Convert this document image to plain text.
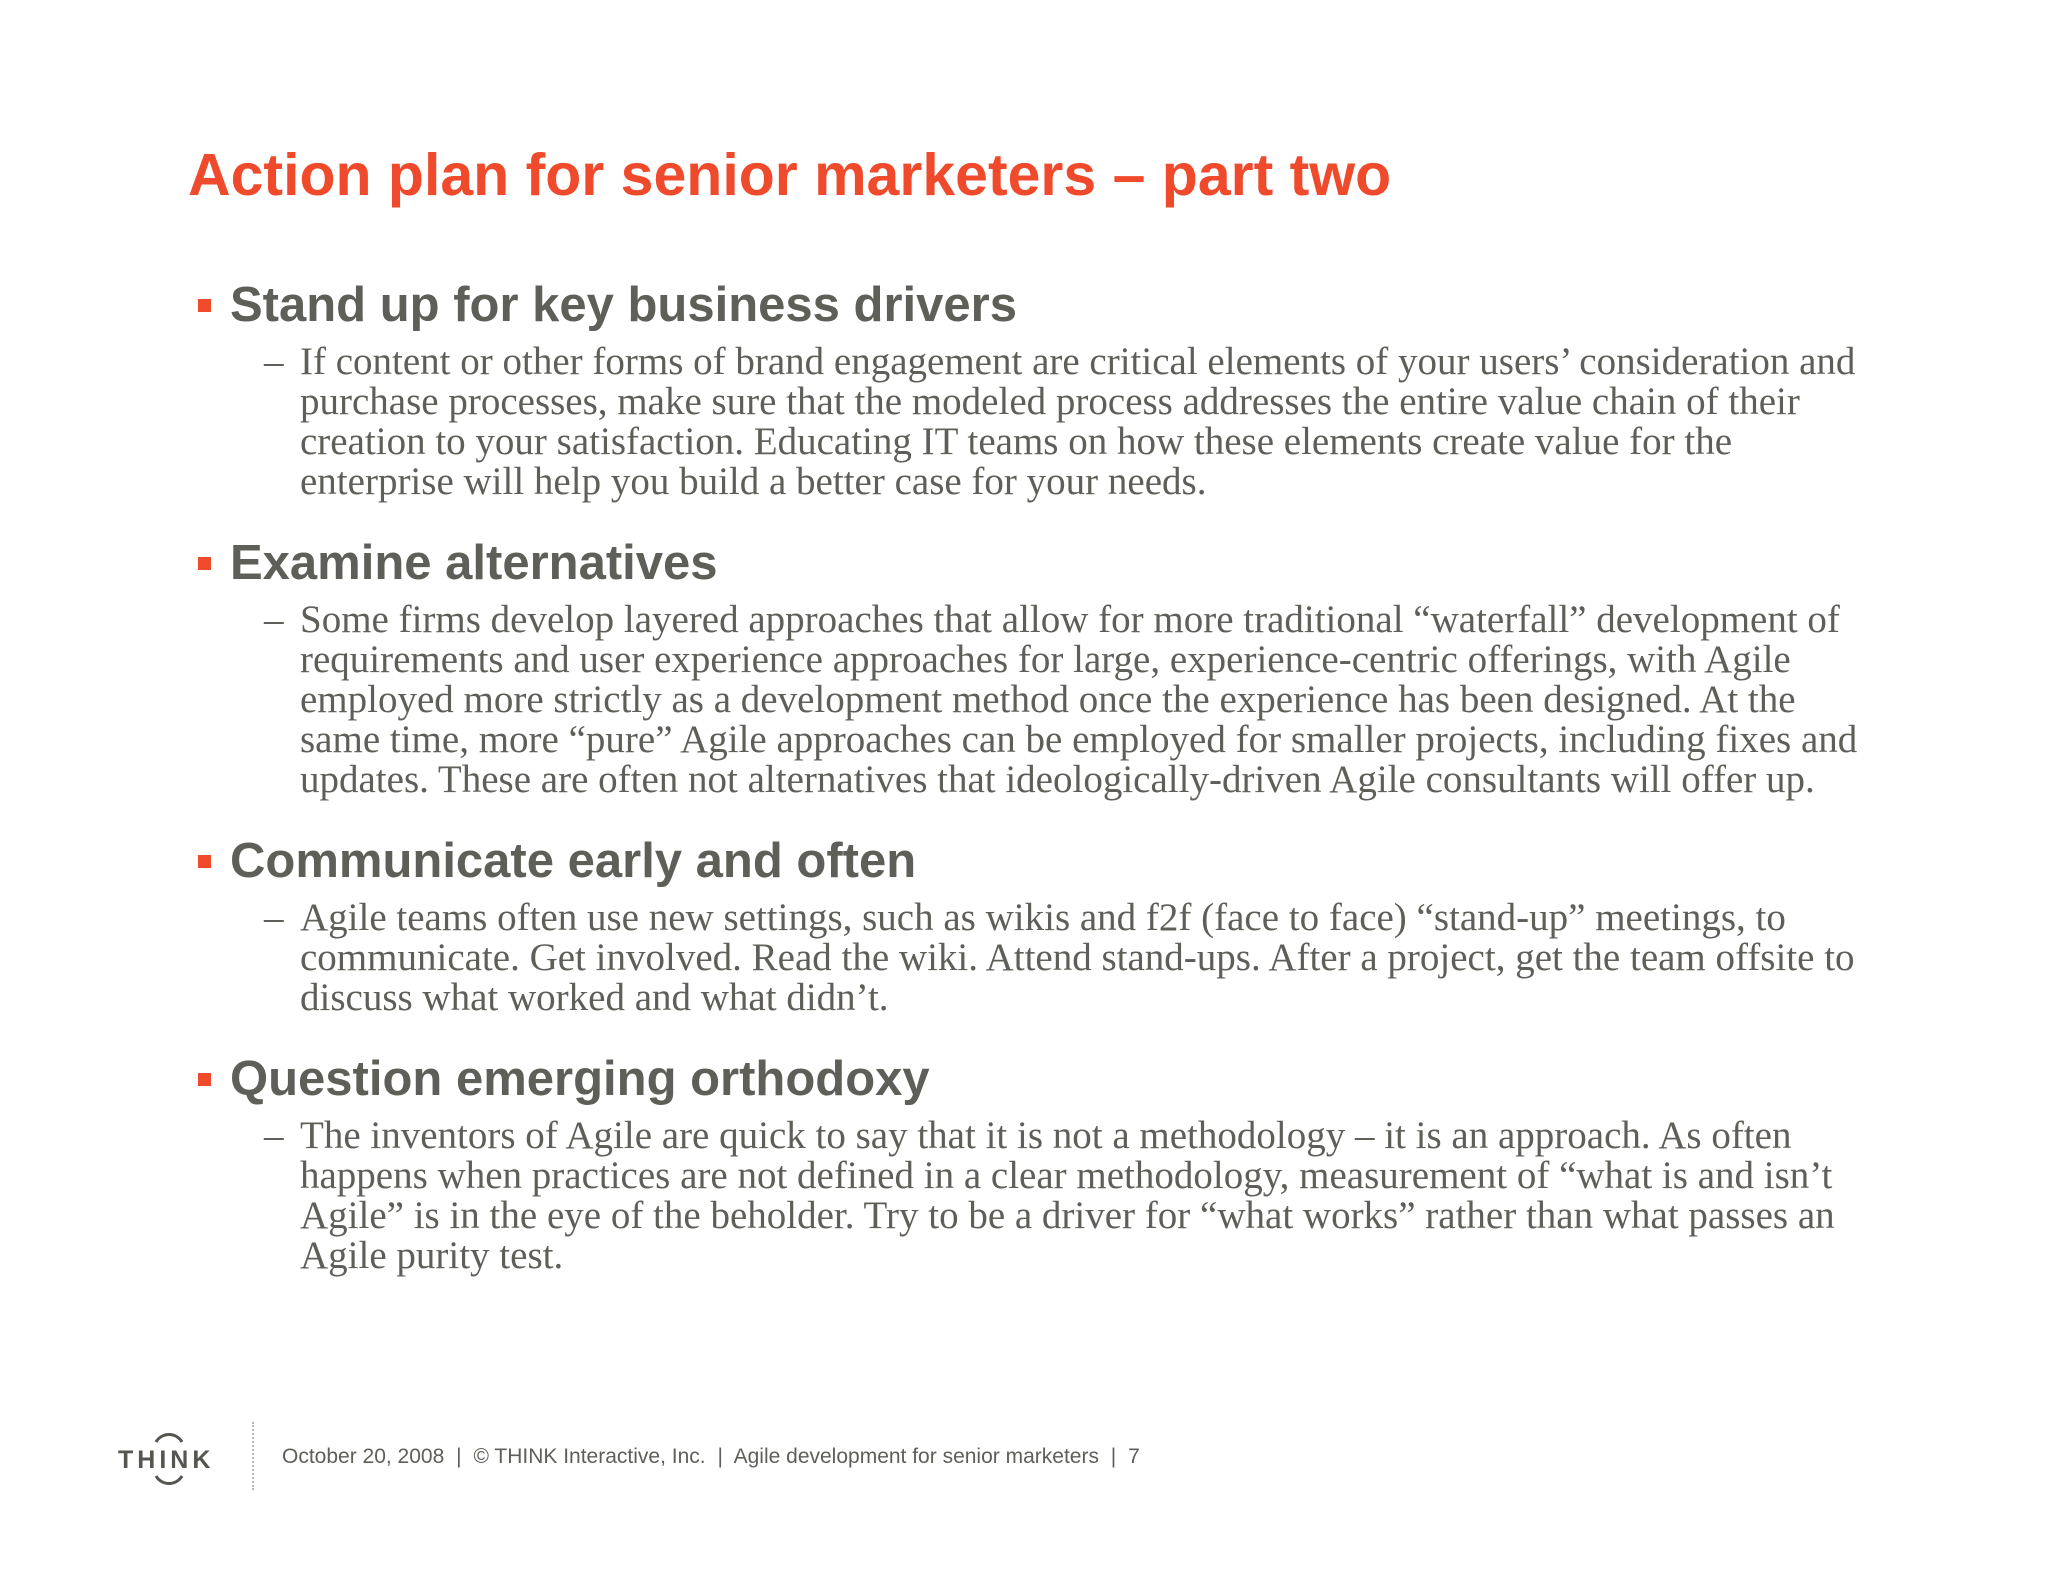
Action plan for senior marketers – part two
Stand up for key business drivers
– If content or other forms of brand engagement are critical elements of your users’ consideration and purchase processes, make sure that the modeled process addresses the entire value chain of their creation to your satisfaction. Educating IT teams on how these elements create value for the enterprise will help you build a better case for your needs.

Examine alternatives
– Some firms develop layered approaches that allow for more traditional “waterfall” development of requirements and user experience approaches for large, experience-centric offerings, with Agile employed more strictly as a development method once the experience has been designed. At the same time, more “pure” Agile approaches can be employed for smaller projects, including fixes and updates. These are often not alternatives that ideologically-driven Agile consultants will offer up.

Communicate early and often
– Agile teams often use new settings, such as wikis and f2f (face to face) “stand-up” meetings, to communicate. Get involved. Read the wiki. Attend stand-ups. After a project, get the team offsite to discuss what worked and what didn’t.

Question emerging orthodoxy
– The inventors of Agile are quick to say that it is not a methodology – it is an approach. As often happens when practices are not defined in a clear methodology, measurement of “what is and isn’t Agile” is in the eye of the beholder. Try to be a driver for “what works” rather than what passes an Agile purity test.

THINK	October 20, 2008 | © THINK Interactive, Inc. | Agile development for senior marketers | 7
